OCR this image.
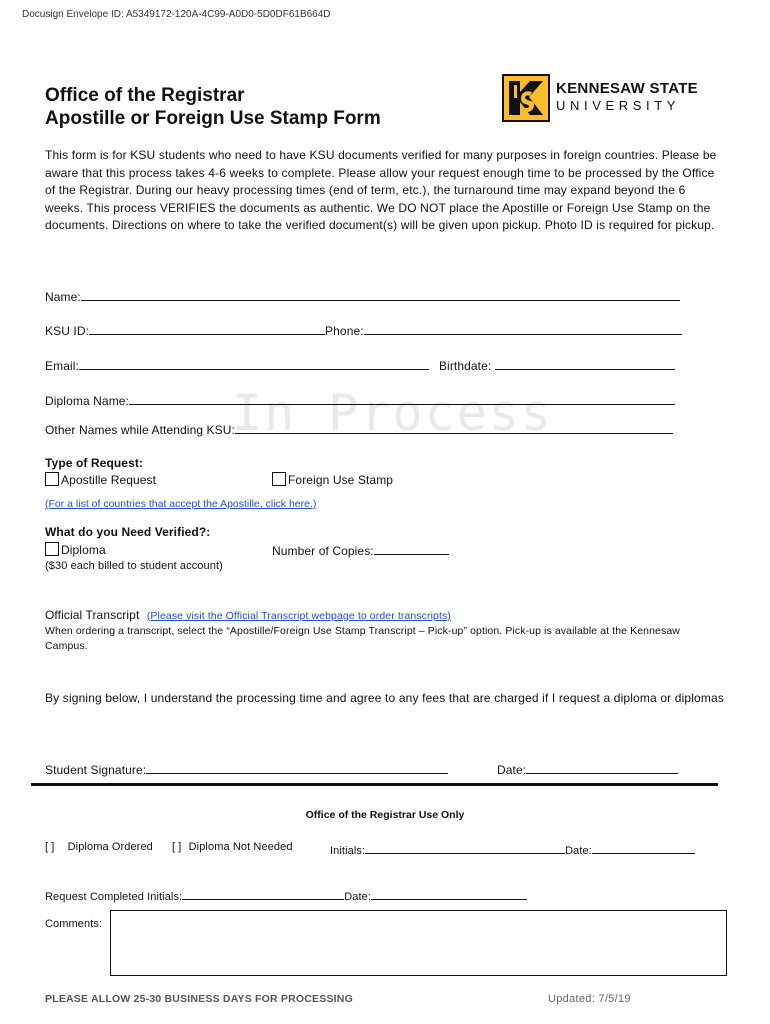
Docusign Envelope ID: A5349172-120A-4C99-A0D0-5D0DF61B664D
Office of the Registrar
Apostille or Foreign Use Stamp Form
KENNESAW STATE
UNIVERSITY
This form is for KSU students who need to have KSU documents verified for many purposes in foreign countries. Please be aware that this process takes 4-6 weeks to complete. Please allow your request enough time to be processed by the Office of the Registrar. During our heavy processing times (end of term, etc.), the turnaround time may expand beyond the 6 weeks. This process VERIFIES the documents as authentic. We DO NOT place the Apostille or Foreign Use Stamp on the documents. Directions on where to take the verified document(s) will be given upon pickup. Photo ID is required for pickup.
In Process
Name:
KSU ID:	Phone:
Email:	Birthdate:
Diploma Name:
Other Names while Attending KSU:
Type of Request:
Apostille Request	Foreign Use Stamp
(For a list of countries that accept the Apostille, click here.)
What do you Need Verified?:
Diploma	Number of Copies:
($30 each billed to student account)
Official Transcript (Please visit the Official Transcript webpage to order transcripts)
When ordering a transcript, select the “Apostille/Foreign Use Stamp Transcript – Pick-up” option. Pick-up is available at the Kennesaw Campus.
By signing below, I understand the processing time and agree to any fees that are charged if I request a diploma or diplomas
Student Signature:	Date:
Office of the Registrar Use Only
[ ] Diploma Ordered [ ] Diploma Not Needed	Initials:	Date:
Request Completed Initials:	Date:
Comments:
PLEASE ALLOW 25-30 BUSINESS DAYS FOR PROCESSING	Updated: 7/5/19
